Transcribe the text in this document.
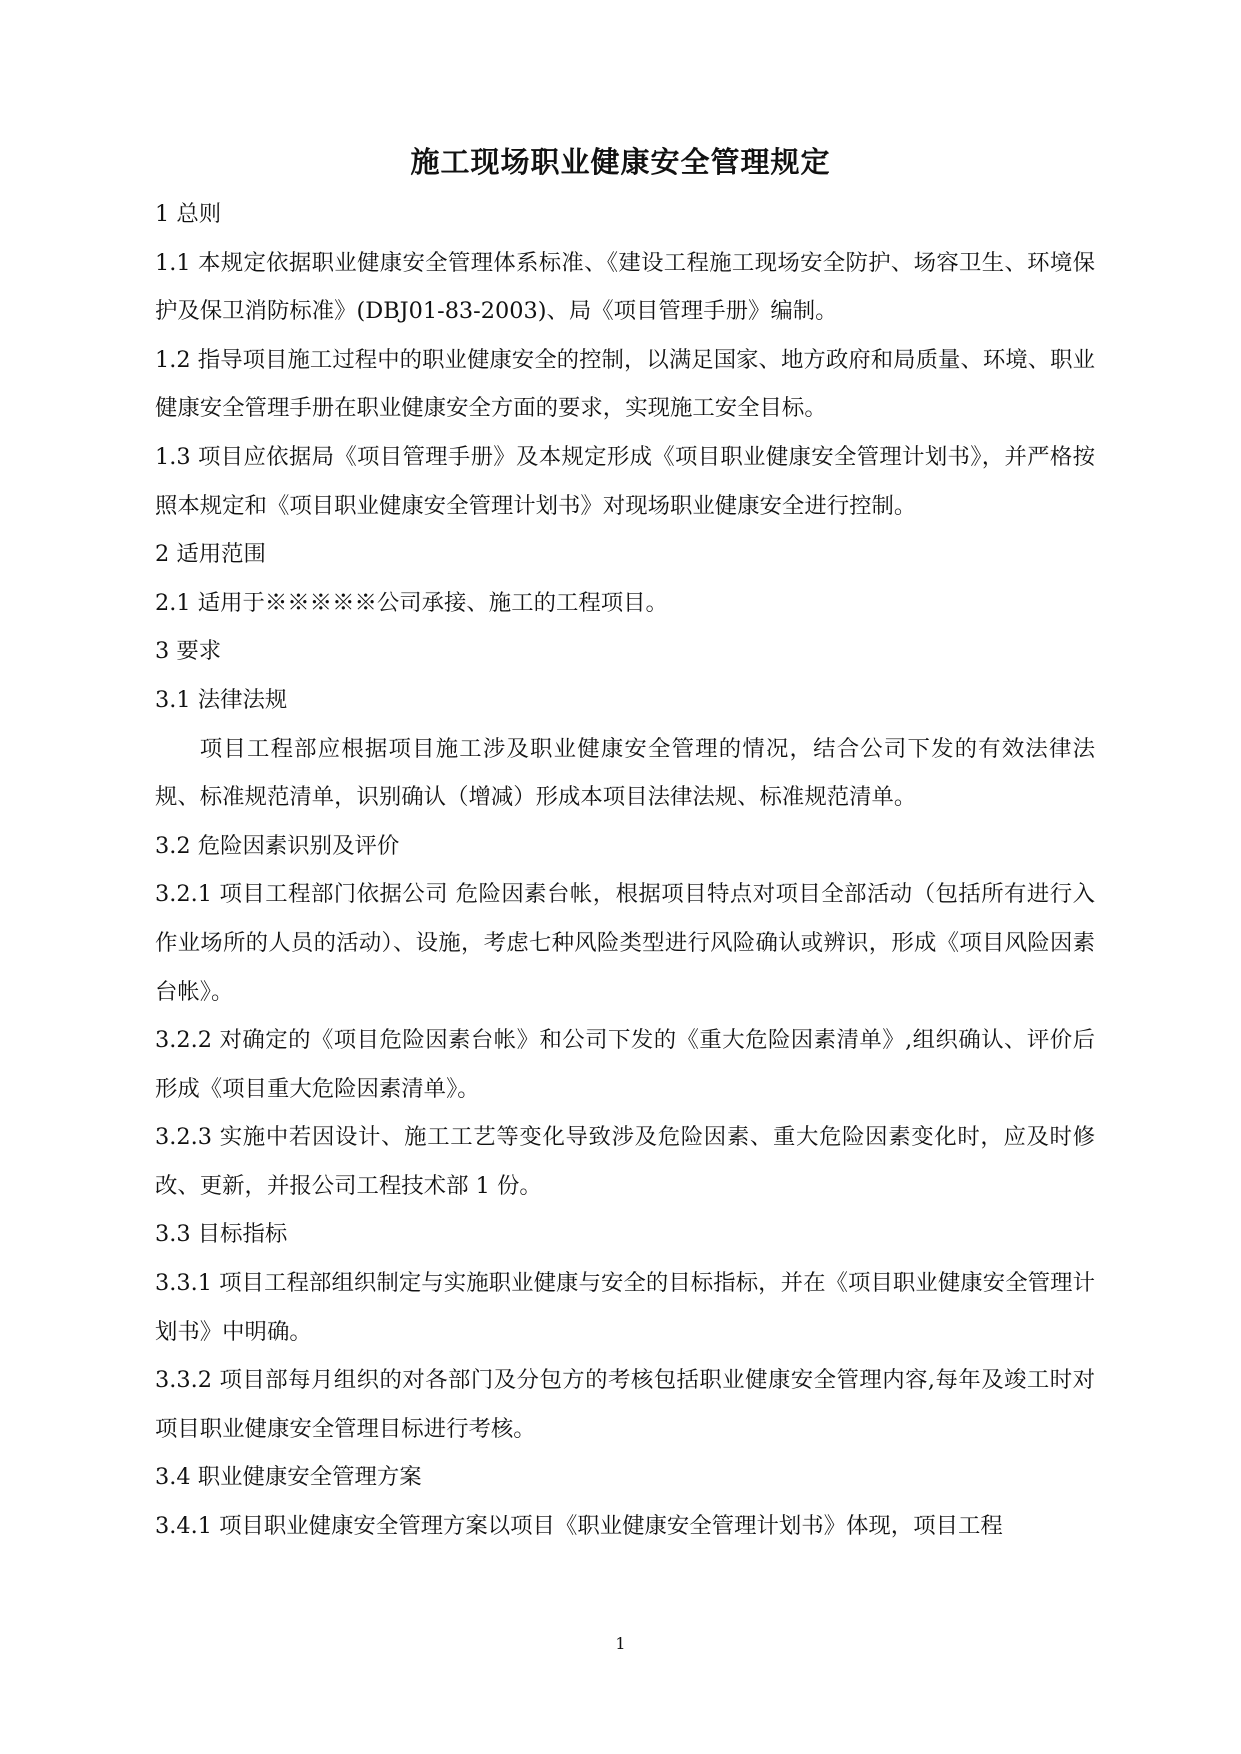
施工现场职业健康安全管理规定

1 总则

1.1 本规定依据职业健康安全管理体系标准、《建设工程施工现场安全防护、场容卫生、环境保护及保卫消防标准》(DBJ01-83-2003)、局《项目管理手册》编制。

1.2 指导项目施工过程中的职业健康安全的控制，以满足国家、地方政府和局质量、环境、职业健康安全管理手册在职业健康安全方面的要求，实现施工安全目标。

1.3 项目应依据局《项目管理手册》及本规定形成《项目职业健康安全管理计划书》，并严格按照本规定和《项目职业健康安全管理计划书》对现场职业健康安全进行控制。

2 适用范围

2.1 适用于※※※※※公司承接、施工的工程项目。

3 要求

3.1 法律法规

项目工程部应根据项目施工涉及职业健康安全管理的情况，结合公司下发的有效法律法规、标准规范清单，识别确认（增减）形成本项目法律法规、标准规范清单。

3.2 危险因素识别及评价

3.2.1 项目工程部门依据公司 危险因素台帐，根据项目特点对项目全部活动（包括所有进行入作业场所的人员的活动）、设施，考虑七种风险类型进行风险确认或辨识，形成《项目风险因素台帐》。

3.2.2 对确定的《项目危险因素台帐》和公司下发的《重大危险因素清单》,组织确认、评价后形成《项目重大危险因素清单》。

3.2.3 实施中若因设计、施工工艺等变化导致涉及危险因素、重大危险因素变化时，应及时修改、更新，并报公司工程技术部 1 份。

3.3 目标指标

3.3.1 项目工程部组织制定与实施职业健康与安全的目标指标，并在《项目职业健康安全管理计划书》中明确。

3.3.2 项目部每月组织的对各部门及分包方的考核包括职业健康安全管理内容,每年及竣工时对项目职业健康安全管理目标进行考核。

3.4 职业健康安全管理方案

3.4.1 项目职业健康安全管理方案以项目《职业健康安全管理计划书》体现，项目工程

1
